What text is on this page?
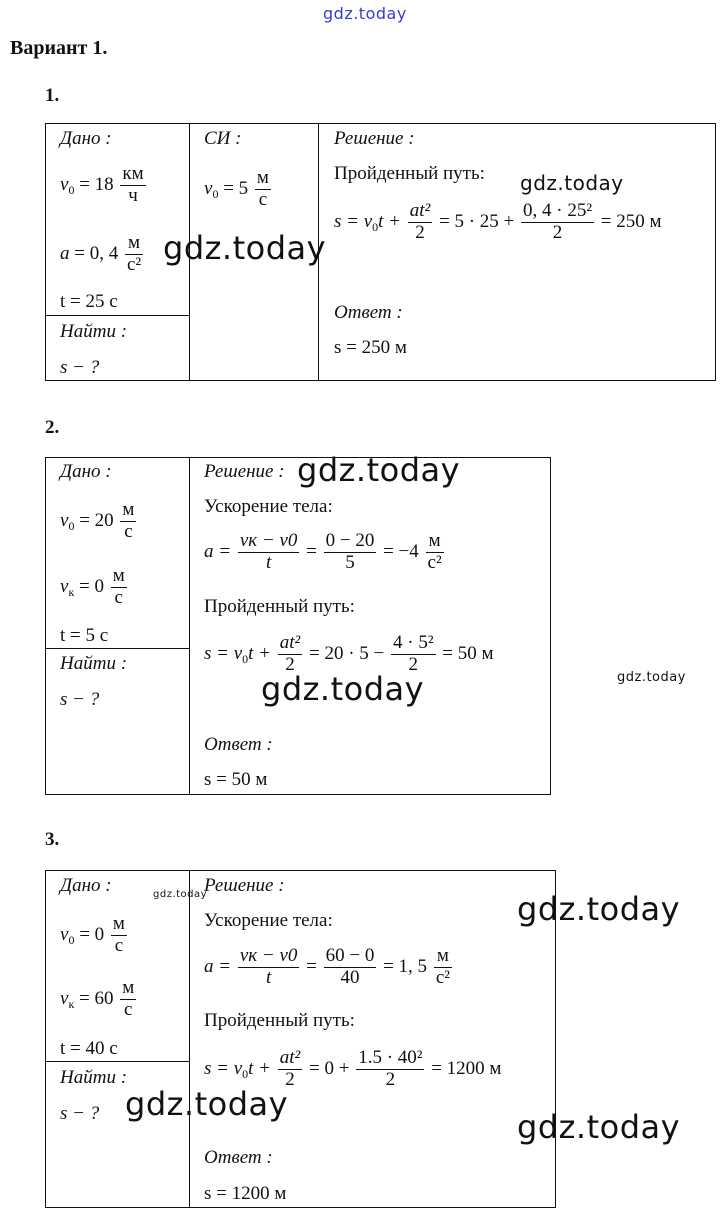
gdz.today
Вариант 1.
1.
Дано :
$v_0 = 18 \frac{км}{ч}$
a = 0, $4 \frac{м}{\text{с²}}$
t = 25 с
Найти :
s − ?
СИ :
$v_0 = 5 \frac{м}{с}$
Решение :
Пройденный путь:
$s = v_0t + \frac{\text{at²}}{2} = 5 \cdot 25 + \frac{\text{0, 4 · 25²}}{2} = 250$ м
Ответ :
s = 250 м
gdz.today
gdz.today
2.
Дано :
$v_0 = 20 \frac{м}{с}$
$v_к = 0 \frac{м}{с}$
t = 5 с
Найти :
s − ?
Решение :
Ускорение тела:
$a = \frac{vк - v0}{t} = \frac{0 - 20}{5} = -4 \frac{м}{\text{с²}}$
Пройденный путь:
$s = v_0t + \frac{\text{at²}}{2} = 20 \cdot 5 - \frac{\text{4 · 5²}}{2} = 50$ м
Ответ :
s = 50 м
gdz.today
gdz.today	gdz.today
3.
Дано :
$v_0 = 0 \frac{м}{с}$
$v_к = 60 \frac{м}{с}$
t = 40 с
Найти :
s − ?
Решение :
Ускорение тела:
$a = \frac{vк - v0}{t} = \frac{60 - 0}{40} = 1$, $5 \frac{м}{\text{с²}}$
Пройденный путь:
$s = v_0t + \frac{\text{at²}}{2} = 0 + \frac{\text{1.5 · 40²}}{2} = 1200$ м
Ответ :
s = 1200 м
gdz.today	gdz.today
gdz.today
gdz.today
